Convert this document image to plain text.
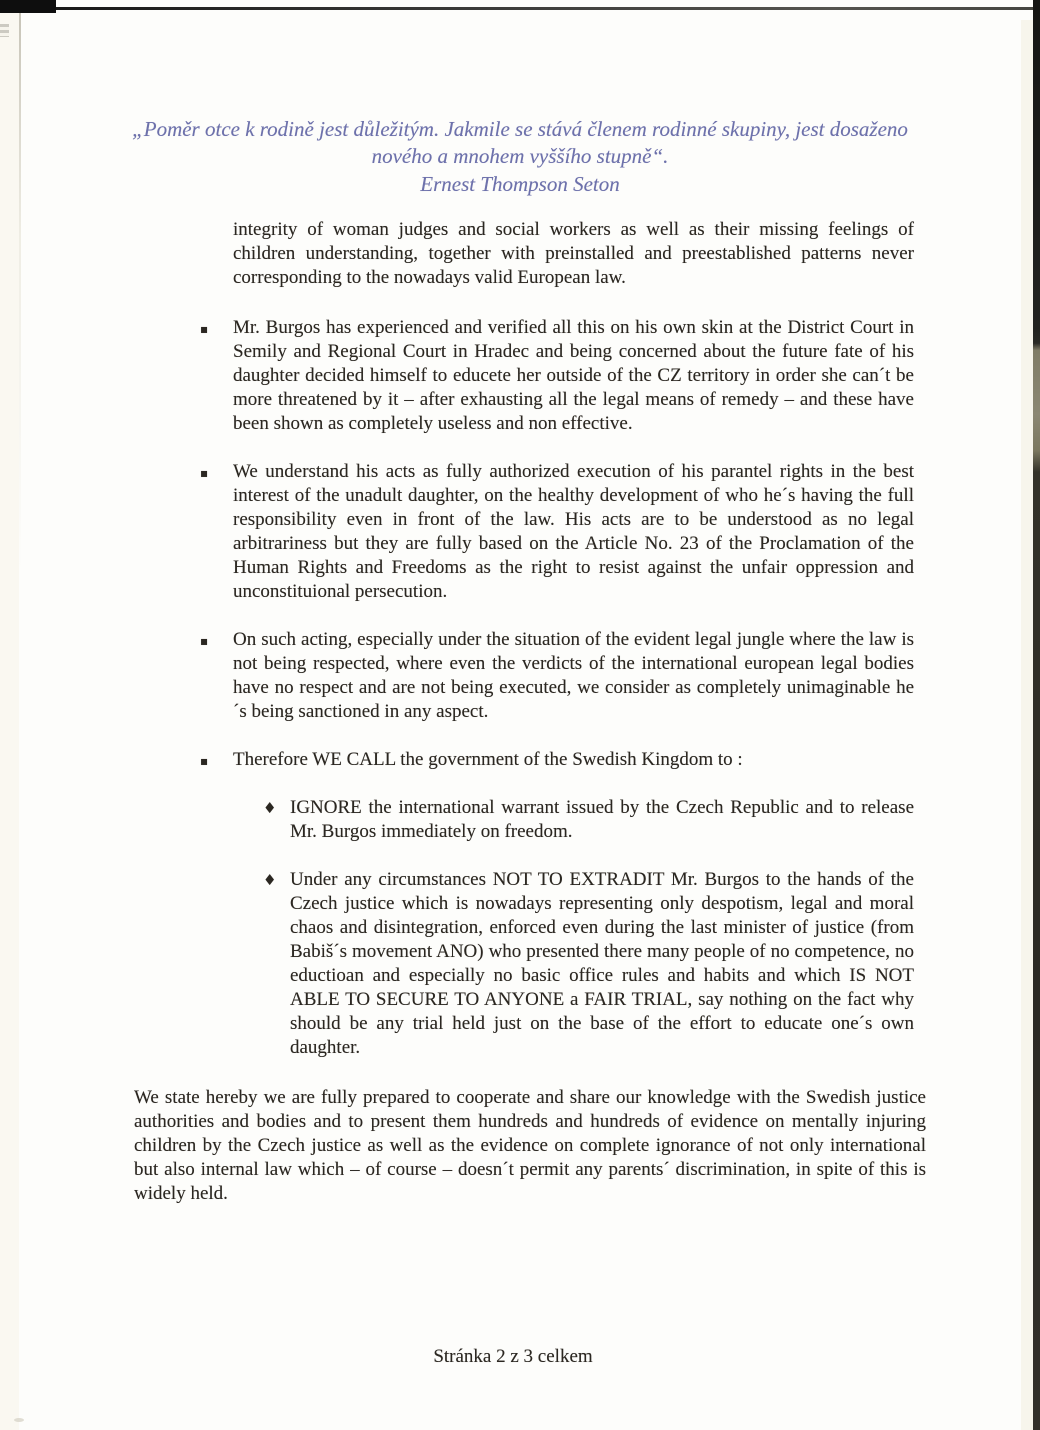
„Poměr otce k rodině jest důležitým. Jakmile se stává členem rodinné skupiny, jest dosaženo nového a mnohem vyššího stupně“.
Ernest Thompson Seton

integrity of woman judges and social workers as well as their missing feelings of children understanding, together with preinstalled and preestablished patterns never corresponding to the nowadays valid European law.

▪ Mr. Burgos has experienced and verified all this on his own skin at the District Court in Semily and Regional Court in Hradec and being concerned about the future fate of his daughter decided himself to educete her outside of the CZ territory in order she can´t be more threatened by it – after exhausting all the legal means of remedy – and these have been shown as completely useless and non effective.
▪ We understand his acts as fully authorized execution of his parantel rights in the best interest of the unadult daughter, on the healthy development of who he´s having the full responsibility even in front of the law. His acts are to be understood as no legal arbitrariness but they are fully based on the Article No. 23 of the Proclamation of the Human Rights and Freedoms as the right to resist against the unfair oppression and unconstituional persecution.
▪ On such acting, especially under the situation of the evident legal jungle where the law is not being respected, where even the verdicts of the international european legal bodies have no respect and are not being executed, we consider as completely unimaginable he´s being sanctioned in any aspect.
▪ Therefore WE CALL the government of the Swedish Kingdom to :
♦ IGNORE the international warrant issued by the Czech Republic and to release Mr. Burgos immediately on freedom.
♦ Under any circumstances NOT TO EXTRADIT Mr. Burgos to the hands of the Czech justice which is nowadays representing only despotism, legal and moral chaos and disintegration, enforced even during the last minister of justice (from Babiš´s movement ANO) who presented there many people of no competence, no eductioan and especially no basic office rules and habits and which IS NOT ABLE TO SECURE TO ANYONE a FAIR TRIAL, say nothing on the fact why should be any trial held just on the base of the effort to educate one´s own daughter.

We state hereby we are fully prepared to cooperate and share our knowledge with the Swedish justice authorities and bodies and to present them hundreds and hundreds of evidence on mentally injuring children by the Czech justice as well as the evidence on complete ignorance of not only international but also internal law which – of course – doesn´t permit any parents´ discrimination, in spite of this is widely held.

Stránka 2 z 3 celkem
